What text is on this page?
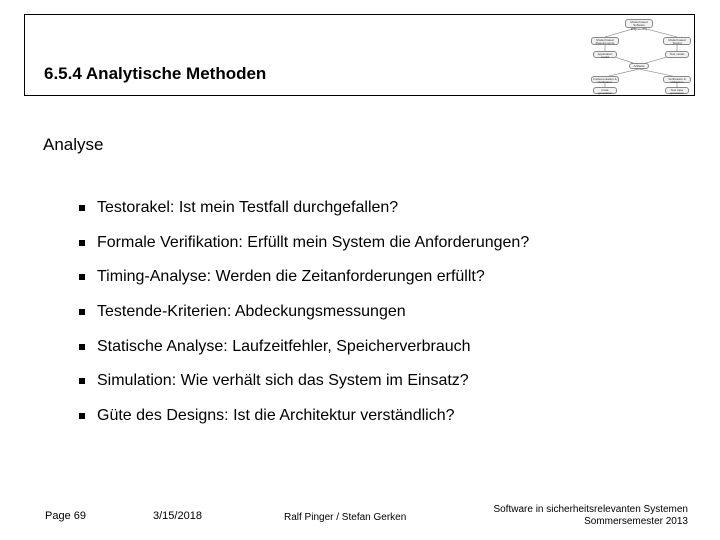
6.5.4 Analytische Methoden
Model based Software Engineering
Model based Requirements
Model based Testing
Application model
Test model
Artifacts
Implementation & Verification
Verification & Validation
Code generation
Test case generation
Analyse
Testorakel: Ist mein Testfall durchgefallen?
Formale Verifikation: Erfüllt mein System die Anforderungen?
Timing-Analyse: Werden die Zeitanforderungen erfüllt?
Testende-Kriterien: Abdeckungsmessungen
Statische Analyse: Laufzeitfehler, Speicherverbrauch
Simulation: Wie verhält sich das System im Einsatz?
Güte des Designs: Ist die Architektur verständlich?
Page 69	3/15/2018	Ralf Pinger / Stefan Gerken
Software in sicherheitsrelevanten Systemen
Sommersemester 2013
